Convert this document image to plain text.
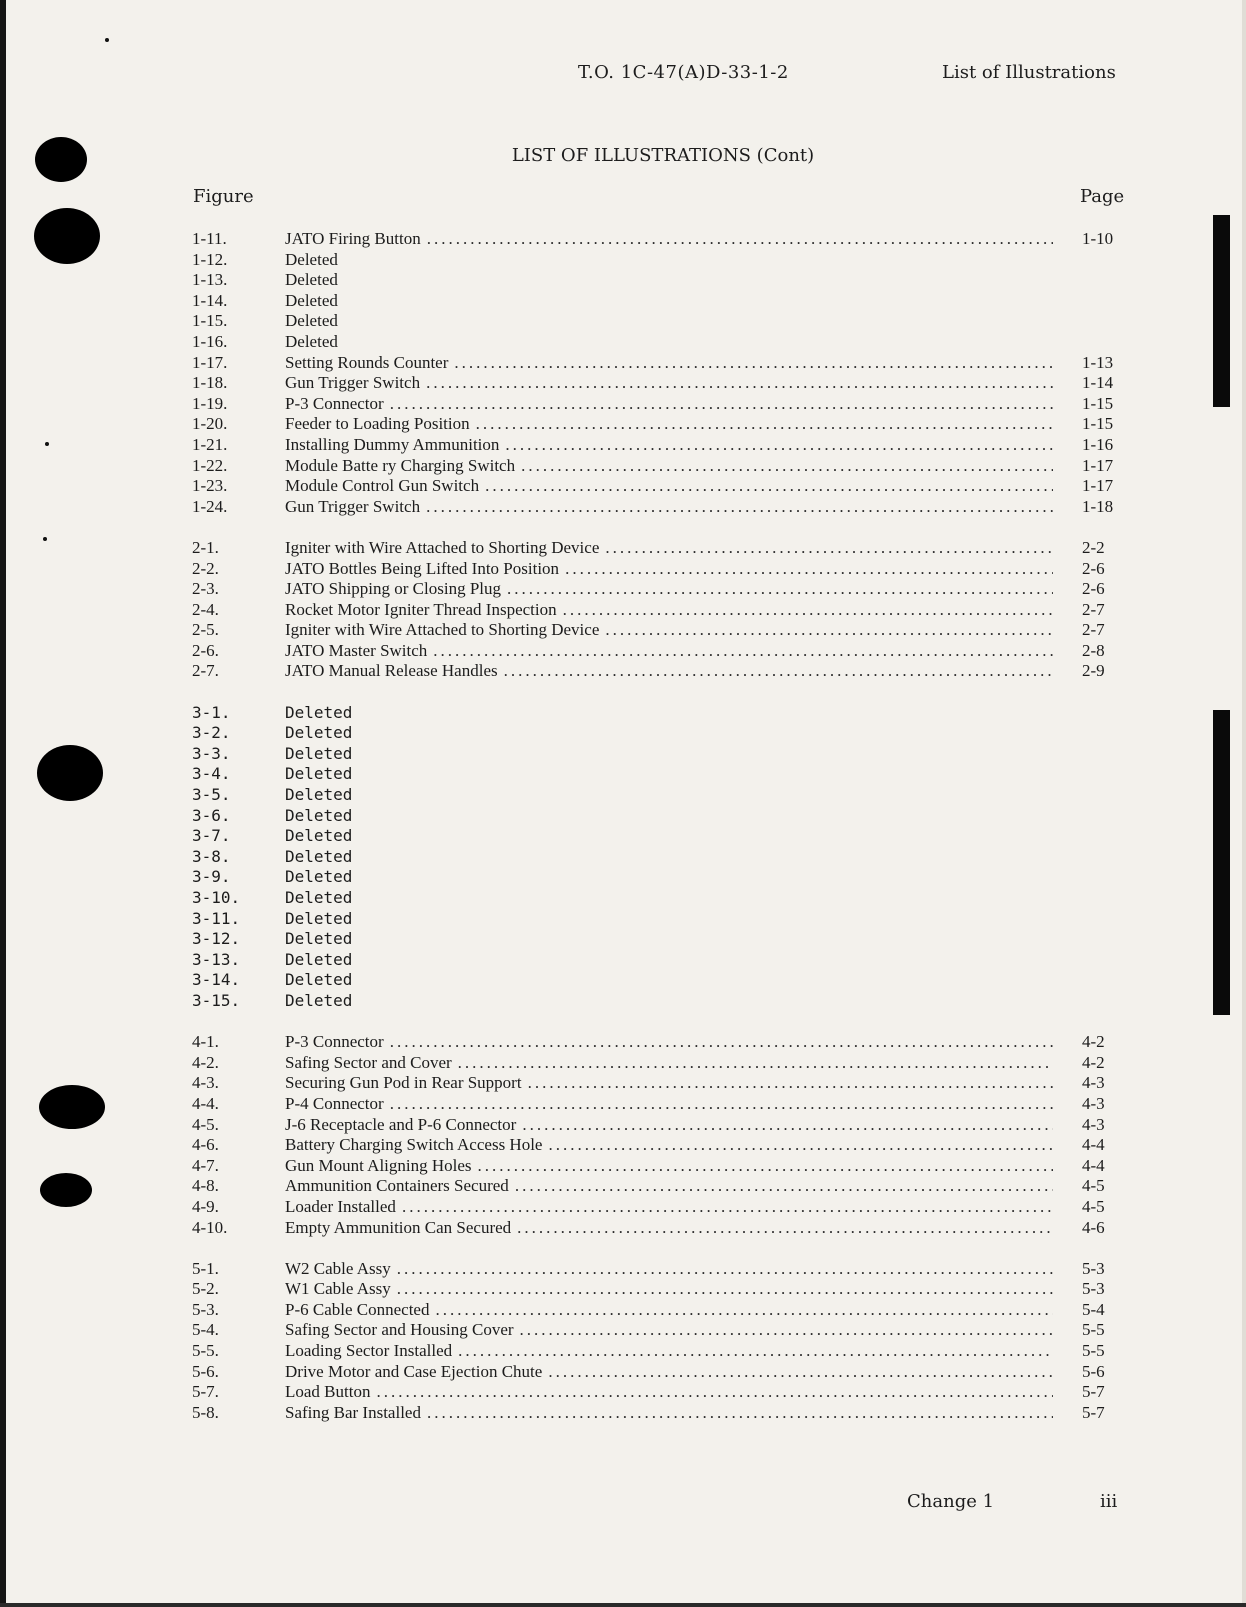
T.O. 1C-47(A)D-33-1-2	List of Illustrations
LIST OF ILLUSTRATIONS (Cont)
Figure	Page
1-11.	JATO Firing Button .....	1-10
1-12.	Deleted
1-13.	Deleted
1-14.	Deleted
1-15.	Deleted
1-16.	Deleted
1-17.	Setting Rounds Counter .....	1-13
1-18.	Gun Trigger Switch .....	1-14
1-19.	P-3 Connector .....	1-15
1-20.	Feeder to Loading Position .....	1-15
1-21.	Installing Dummy Ammunition .....	1-16
1-22.	Module Batte ry Charging Switch .....	1-17
1-23.	Module Control Gun Switch .....	1-17
1-24.	Gun Trigger Switch .....	1-18
2-1.	Igniter with Wire Attached to Shorting Device .....	2-2
2-2.	JATO Bottles Being Lifted Into Position .....	2-6
2-3.	JATO Shipping or Closing Plug .....	2-6
2-4.	Rocket Motor Igniter Thread Inspection .....	2-7
2-5.	Igniter with Wire Attached to Shorting Device .....	2-7
2-6.	JATO Master Switch .....	2-8
2-7.	JATO Manual Release Handles .....	2-9
3-1.	Deleted
3-2.	Deleted
3-3.	Deleted
3-4.	Deleted
3-5.	Deleted
3-6.	Deleted
3-7.	Deleted
3-8.	Deleted
3-9.	Deleted
3-10.	Deleted
3-11.	Deleted
3-12.	Deleted
3-13.	Deleted
3-14.	Deleted
3-15.	Deleted
4-1.	P-3 Connector .....	4-2
4-2.	Safing Sector and Cover .....	4-2
4-3.	Securing Gun Pod in Rear Support .....	4-3
4-4.	P-4 Connector .....	4-3
4-5.	J-6 Receptacle and P-6 Connector .....	4-3
4-6.	Battery Charging Switch Access Hole .....	4-4
4-7.	Gun Mount Aligning Holes .....	4-4
4-8.	Ammunition Containers Secured .....	4-5
4-9.	Loader Installed .....	4-5
4-10.	Empty Ammunition Can Secured .....	4-6
5-1.	W2 Cable Assy .....	5-3
5-2.	W1 Cable Assy .....	5-3
5-3.	P-6 Cable Connected .....	5-4
5-4.	Safing Sector and Housing Cover .....	5-5
5-5.	Loading Sector Installed .....	5-5
5-6.	Drive Motor and Case Ejection Chute .....	5-6
5-7.	Load Button .....	5-7
5-8.	Safing Bar Installed .....	5-7
Change 1	iii
